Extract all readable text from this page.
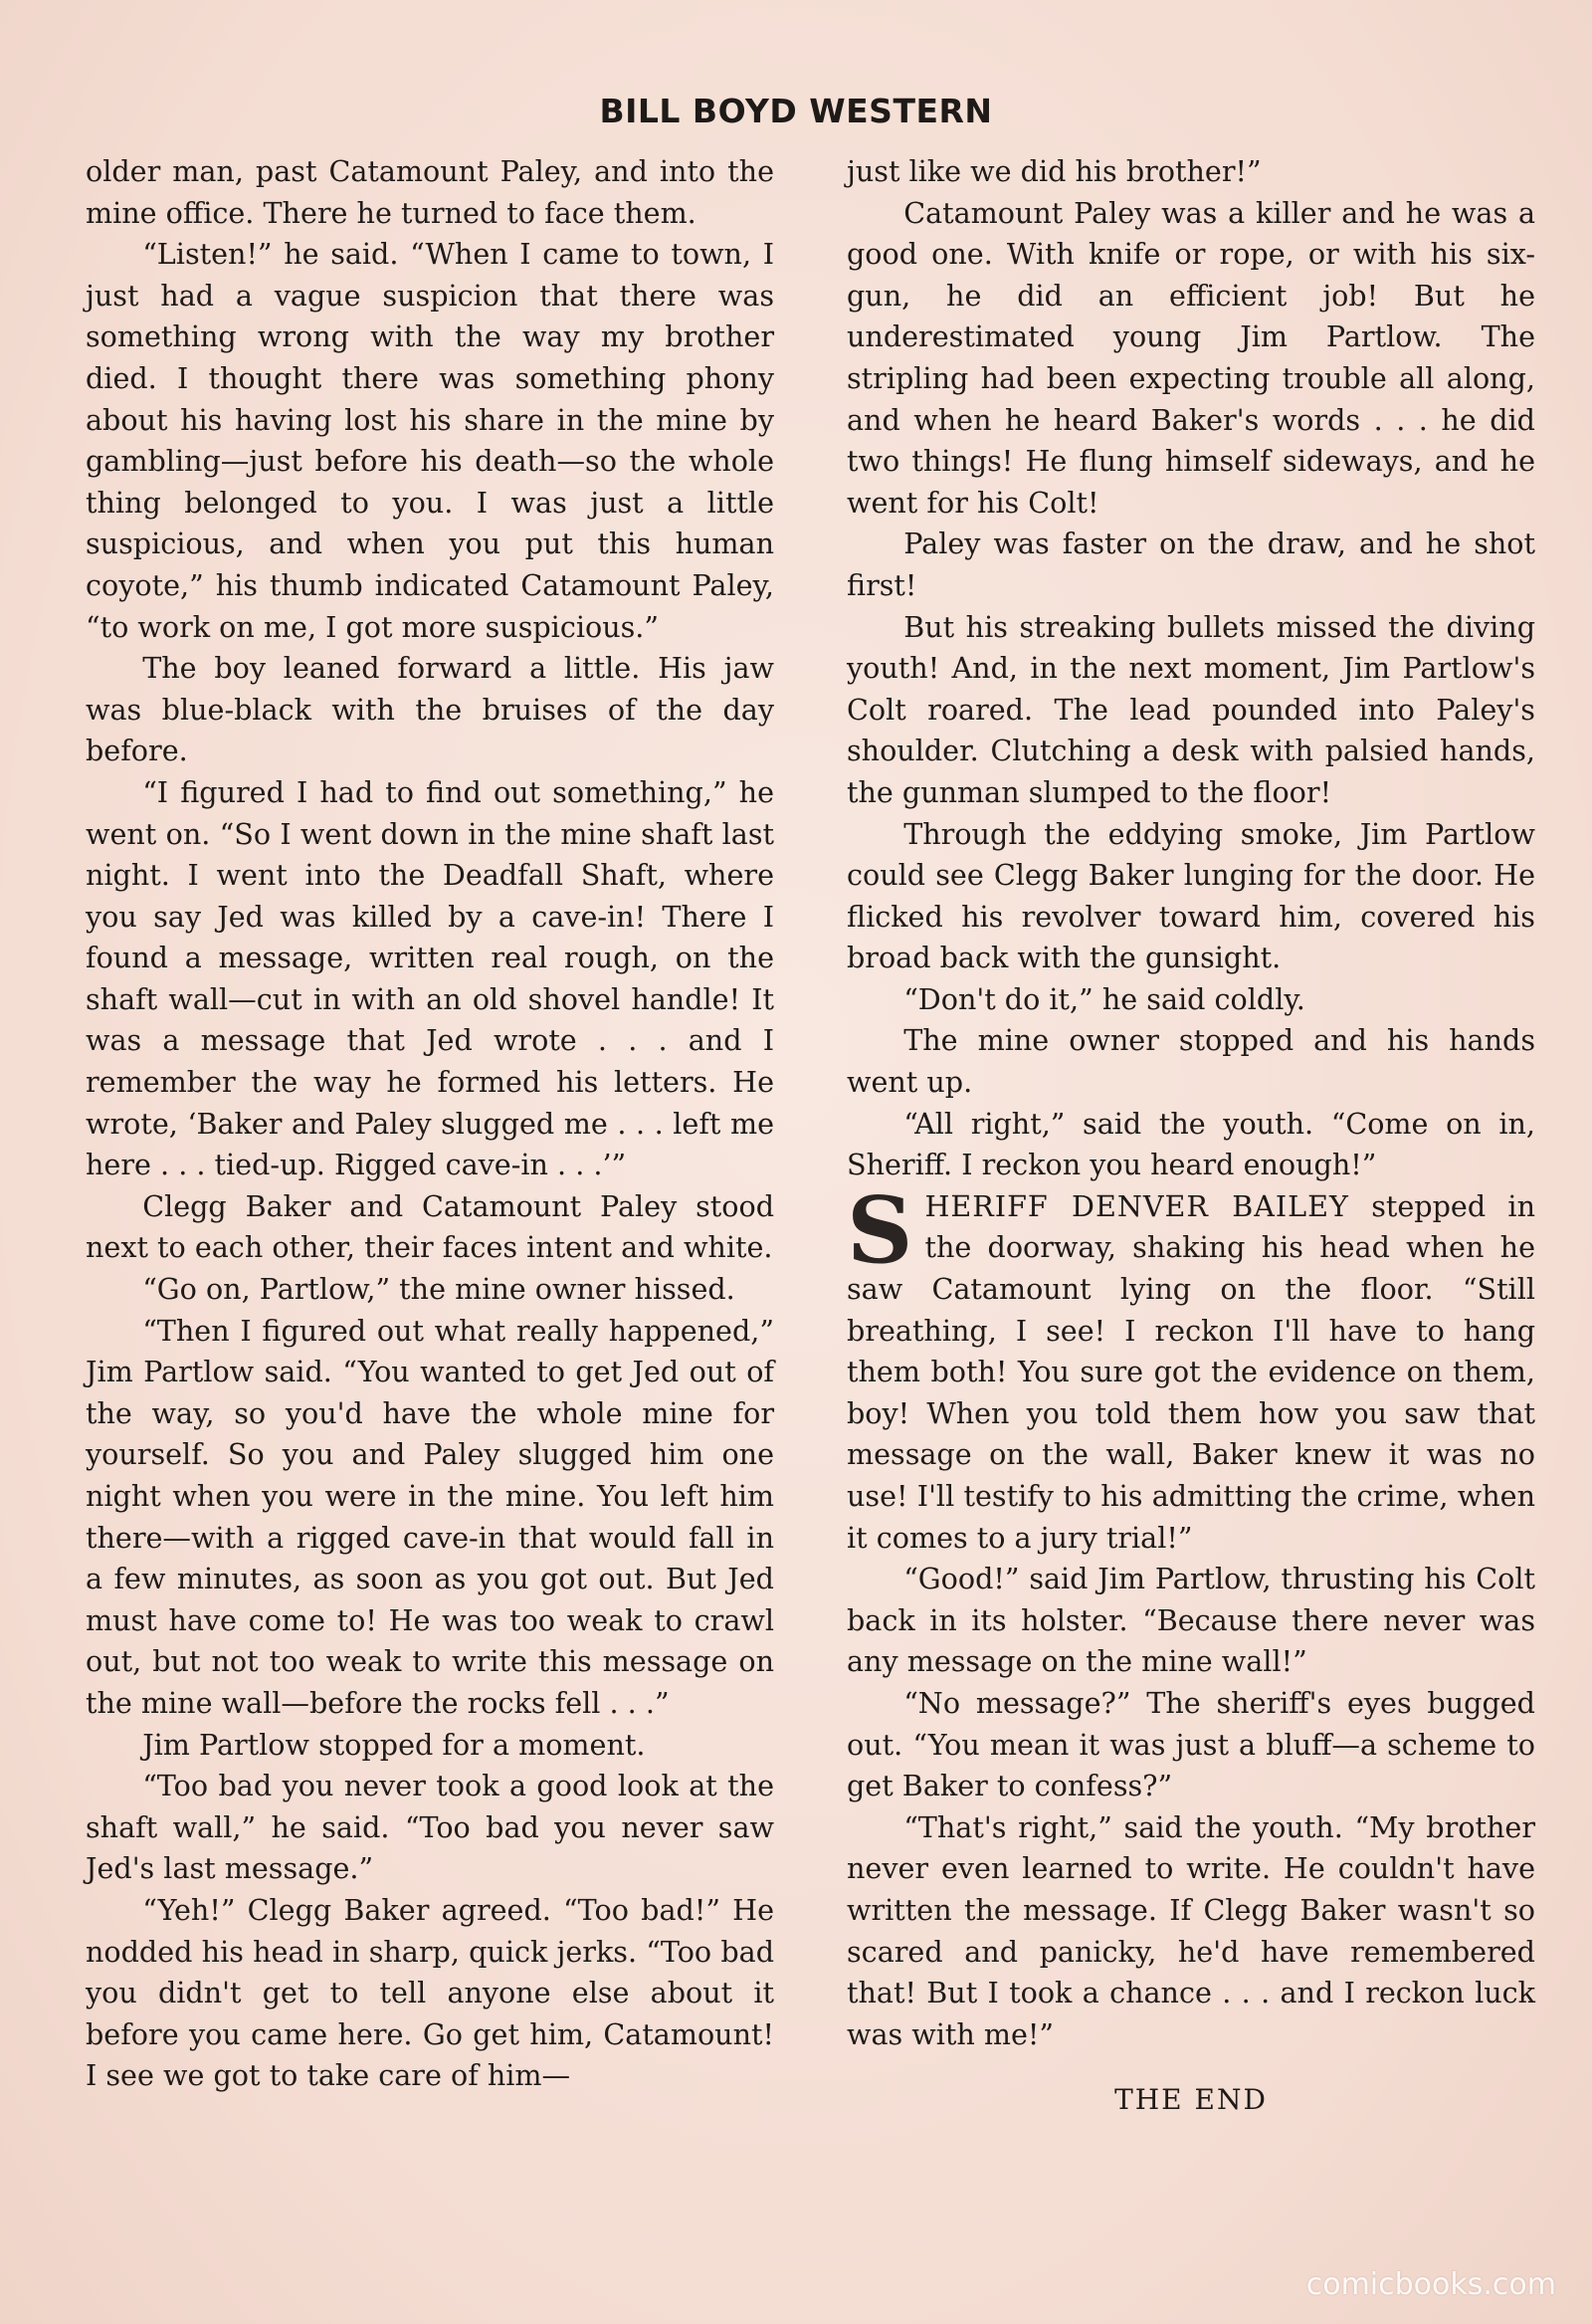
BILL BOYD WESTERN

older man, past Catamount Paley, and into the mine office. There he turned to face them.

“Listen!” he said. “When I came to town, I just had a vague suspicion that there was something wrong with the way my brother died. I thought there was something phony about his having lost his share in the mine by gambling—just before his death—so the whole thing belonged to you. I was just a little suspicious, and when you put this human coyote,” his thumb indicated Catamount Paley, “to work on me, I got more suspicious.”

The boy leaned forward a little. His jaw was blue-black with the bruises of the day before.

“I figured I had to find out something,” he went on. “So I went down in the mine shaft last night. I went into the Deadfall Shaft, where you say Jed was killed by a cave-in! There I found a message, written real rough, on the shaft wall—cut in with an old shovel handle! It was a message that Jed wrote . . . and I remember the way he formed his letters. He wrote, ‘Baker and Paley slugged me . . . left me here . . . tied-up. Rigged cave-in . . .’”

Clegg Baker and Catamount Paley stood next to each other, their faces intent and white.

“Go on, Partlow,” the mine owner hissed.

“Then I figured out what really happened,” Jim Partlow said. “You wanted to get Jed out of the way, so you'd have the whole mine for yourself. So you and Paley slugged him one night when you were in the mine. You left him there—with a rigged cave-in that would fall in a few minutes, as soon as you got out. But Jed must have come to! He was too weak to crawl out, but not too weak to write this message on the mine wall—before the rocks fell . . .”

Jim Partlow stopped for a moment.

“Too bad you never took a good look at the shaft wall,” he said. “Too bad you never saw Jed's last message.”

“Yeh!” Clegg Baker agreed. “Too bad!” He nodded his head in sharp, quick jerks. “Too bad you didn't get to tell anyone else about it before you came here. Go get him, Catamount! I see we got to take care of him—

just like we did his brother!”

Catamount Paley was a killer and he was a good one. With knife or rope, or with his six-gun, he did an efficient job! But he underestimated young Jim Partlow. The stripling had been expecting trouble all along, and when he heard Baker's words . . . he did two things! He flung himself sideways, and he went for his Colt!

Paley was faster on the draw, and he shot first!

But his streaking bullets missed the diving youth! And, in the next moment, Jim Partlow's Colt roared. The lead pounded into Paley's shoulder. Clutching a desk with palsied hands, the gunman slumped to the floor!

Through the eddying smoke, Jim Partlow could see Clegg Baker lunging for the door. He flicked his revolver toward him, covered his broad back with the gunsight.

“Don't do it,” he said coldly.

The mine owner stopped and his hands went up.

“All right,” said the youth. “Come on in, Sheriff. I reckon you heard enough!”

SHERIFF DENVER BAILEY stepped in the doorway, shaking his head when he saw Catamount lying on the floor. “Still breathing, I see! I reckon I'll have to hang them both! You sure got the evidence on them, boy! When you told them how you saw that message on the wall, Baker knew it was no use! I'll testify to his admitting the crime, when it comes to a jury trial!”

“Good!” said Jim Partlow, thrusting his Colt back in its holster. “Because there never was any message on the mine wall!”

“No message?” The sheriff's eyes bugged out. “You mean it was just a bluff—a scheme to get Baker to confess?”

“That's right,” said the youth. “My brother never even learned to write. He couldn't have written the message. If Clegg Baker wasn't so scared and panicky, he'd have remembered that! But I took a chance . . . and I reckon luck was with me!”

THE END
comicbooks.com
